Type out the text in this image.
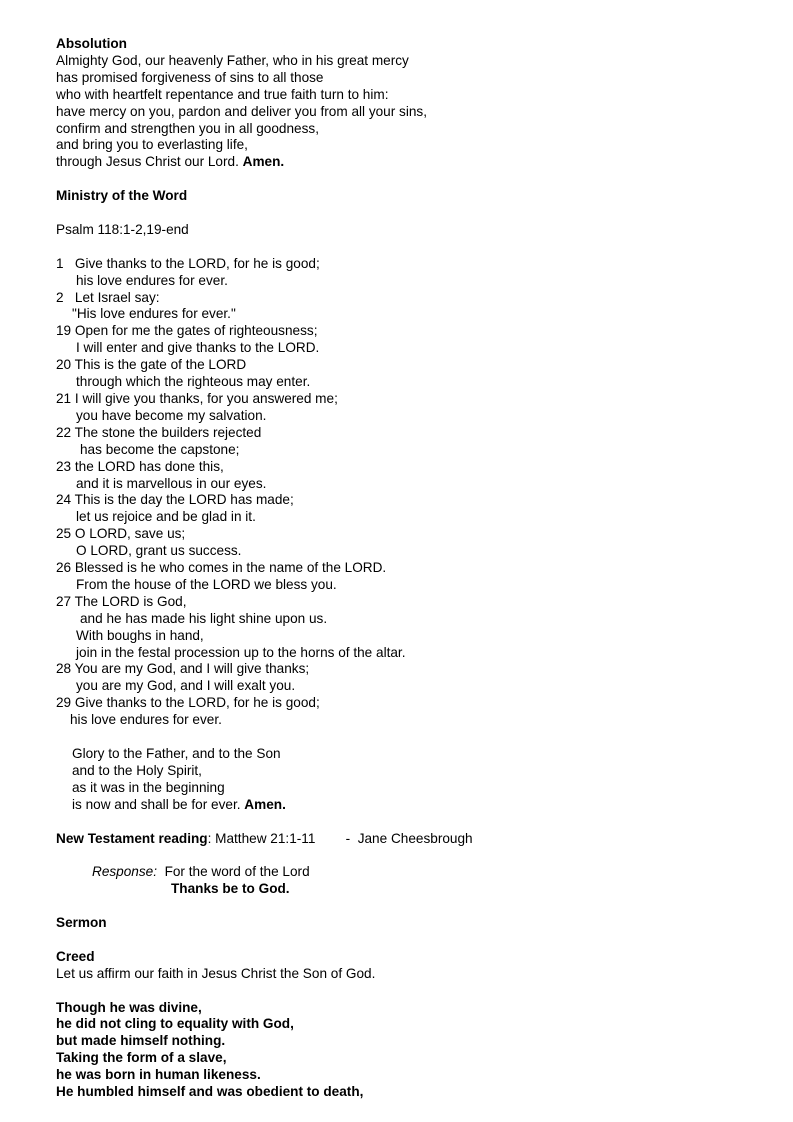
Absolution
Almighty God, our heavenly Father, who in his great mercy
has promised forgiveness of sins to all those
who with heartfelt repentance and true faith turn to him:
have mercy on you, pardon and deliver you from all your sins,
confirm and strengthen you in all goodness,
and bring you to everlasting life,
through Jesus Christ our Lord. Amen.
Ministry of the Word
Psalm 118:1-2,19-end
1 Give thanks to the LORD, for he is good;
his love endures for ever.
2 Let Israel say:
"His love endures for ever."
19 Open for me the gates of righteousness;
I will enter and give thanks to the LORD.
20 This is the gate of the LORD
through which the righteous may enter.
21 I will give you thanks, for you answered me;
you have become my salvation.
22 The stone the builders rejected
has become the capstone;
23 the LORD has done this,
and it is marvellous in our eyes.
24 This is the day the LORD has made;
let us rejoice and be glad in it.
25 O LORD, save us;
O LORD, grant us success.
26 Blessed is he who comes in the name of the LORD.
From the house of the LORD we bless you.
27 The LORD is God,
and he has made his light shine upon us.
With boughs in hand,
join in the festal procession up to the horns of the altar.
28 You are my God, and I will give thanks;
you are my God, and I will exalt you.
29 Give thanks to the LORD, for he is good;
his love endures for ever.
Glory to the Father, and to the Son
and to the Holy Spirit,
as it was in the beginning
is now and shall be for ever. Amen.
New Testament reading: Matthew 21:1-11 -  Jane Cheesbrough
Response: For the word of the Lord
Thanks be to God.
Sermon
Creed
Let us affirm our faith in Jesus Christ the Son of God.
Though he was divine,
he did not cling to equality with God,
but made himself nothing.
Taking the form of a slave,
he was born in human likeness.
He humbled himself and was obedient to death,
